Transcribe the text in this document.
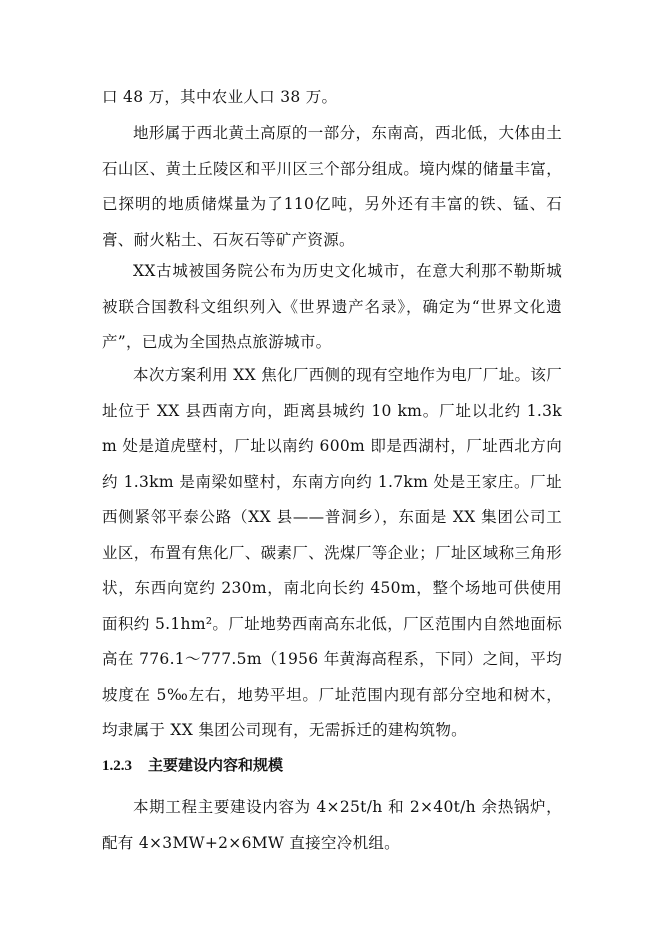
口 48 万，其中农业人口 38 万。

地形属于西北黄土高原的一部分，东南高，西北低，大体由土石山区、黄土丘陵区和平川区三个部分组成。境内煤的储量丰富，已探明的地质储煤量为了110亿吨，另外还有丰富的铁、锰、石膏、耐火粘土、石灰石等矿产资源。

XX古城被国务院公布为历史文化城市，在意大利那不勒斯城被联合国教科文组织列入《世界遗产名录》，确定为“世界文化遗产”，已成为全国热点旅游城市。

本次方案利用 XX 焦化厂西侧的现有空地作为电厂厂址。该厂址位于 XX 县西南方向，距离县城约 10 km。厂址以北约 1.3km 处是道虎壁村，厂址以南约 600m 即是西湖村，厂址西北方向约 1.3km 是南梁如壁村，东南方向约 1.7km 处是王家庄。厂址西侧紧邻平泰公路（XX 县——普洞乡），东面是 XX 集团公司工业区，布置有焦化厂、碳素厂、洗煤厂等企业；厂址区域称三角形状，东西向宽约 230m，南北向长约 450m，整个场地可供使用面积约 5.1hm²。厂址地势西南高东北低，厂区范围内自然地面标高在 776.1～777.5m（1956 年黄海高程系，下同）之间，平均坡度在 5‰左右，地势平坦。厂址范围内现有部分空地和树木，均隶属于 XX 集团公司现有，无需拆迁的建构筑物。

1.2.3 主要建设内容和规模

本期工程主要建设内容为 4×25t/h 和 2×40t/h 余热锅炉，配有 4×3MW+2×6MW 直接空冷机组。
